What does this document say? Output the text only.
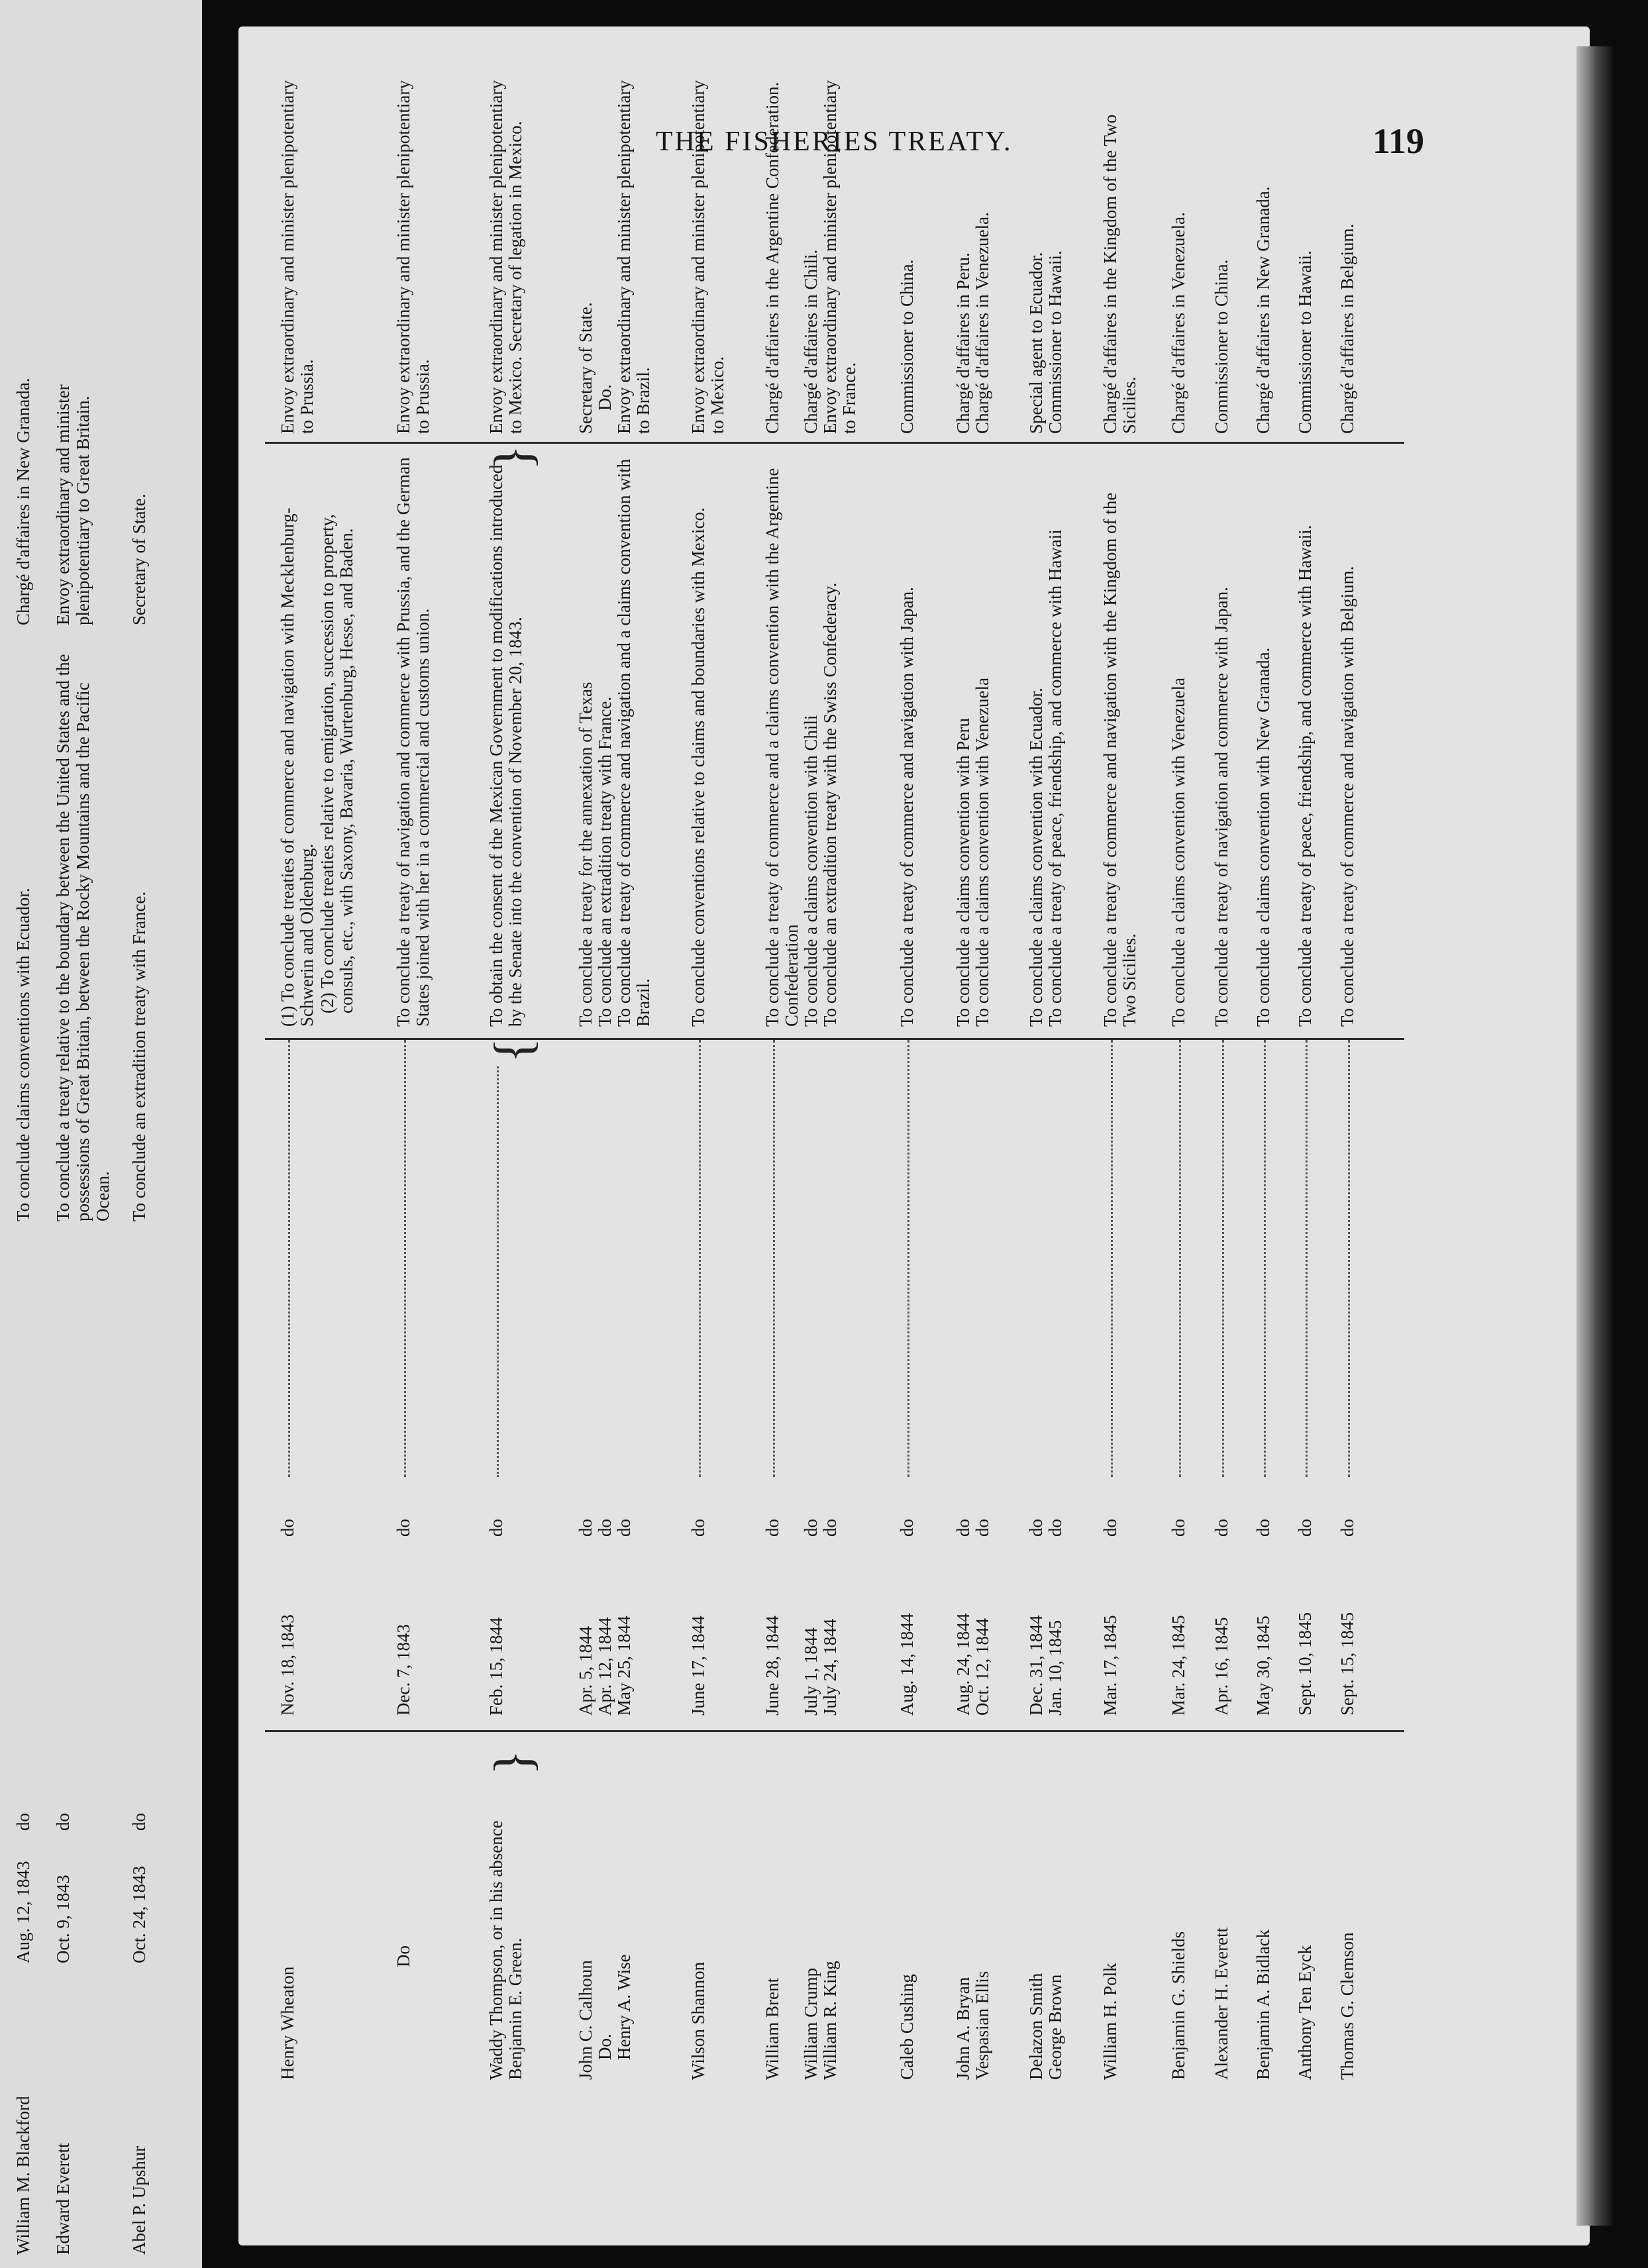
William M. Blackford
Aug. 12, 1843
do
To conclude claims conventions with Ecuador.
Chargé d'affaires in New Granada.
Edward Everett
Oct. 9, 1843
do
To conclude a treaty relative to the boundary between the United States and the possessions of Great Britain, between the Rocky Mountains and the Pacific Ocean.
Envoy extraordinary and minister plenipotentiary to Great Britain.
Abel P. Upshur
Oct. 24, 1843
do
To conclude an extradition treaty with France.
Secretary of State.
THE FISHERIES TREATY.	119
Henry Wheaton
Nov. 18, 1843
do
(1) To conclude treaties of commerce and navigation with Mecklenburg-Schwerin and Oldenburg.
Envoy extraordinary and minister plenipotentiary to Prussia.
(2) To conclude treaties relative to emigration, succession to property, consuls, etc., with Saxony, Bavaria, Wurtenburg, Hesse, and Baden.
Do
Dec. 7, 1843
do
To conclude a treaty of navigation and commerce with Prussia, and the German States joined with her in a commercial and customs union.
Envoy extraordinary and minister plenipotentiary to Prussia.
Waddy Thompson, or in his absence Benjamin E. Green.
Feb. 15, 1844
do
To obtain the consent of the Mexican Government to modifications introduced by the Senate into the convention of November 20, 1843.
Envoy extraordinary and minister plenipotentiary to Mexico. Secretary of legation in Mexico.
}
{
}
John C. Calhoun
Apr. 5, 1844
do
To conclude a treaty for the annexation of Texas
Secretary of State.
Do.
Apr. 12, 1844
do
To conclude an extradition treaty with France.
Do.
Henry A. Wise
May 25, 1844
do
To conclude a treaty of commerce and navigation and a claims convention with Brazil.
Envoy extraordinary and minister plenipotentiary to Brazil.
Wilson Shannon
June 17, 1844
do
To conclude conventions relative to claims and boundaries with Mexico.
Envoy extraordinary and minister plenipotentiary to Mexico.
William Brent
June 28, 1844
do
To conclude a treaty of commerce and a claims convention with the Argentine Confederation
Chargé d'affaires in the Argentine Confederation.
William Crump
July 1, 1844
do
To conclude a claims convention with Chili
Chargé d'affaires in Chili.
William R. King
July 24, 1844
do
To conclude an extradition treaty with the Swiss Confederacy.
Envoy extraordinary and minister plenipotentiary to France.
Caleb Cushing
Aug. 14, 1844
do
To conclude a treaty of commerce and navigation with Japan.
Commissioner to China.
John A. Bryan
Aug. 24, 1844
do
To conclude a claims convention with Peru
Chargé d'affaires in Peru.
Vespasian Ellis
Oct. 12, 1844
do
To conclude a claims convention with Venezuela
Chargé d'affaires in Venezuela.
Delazon Smith
Dec. 31, 1844
do
To conclude a claims convention with Ecuador.
Special agent to Ecuador.
George Brown
Jan. 10, 1845
do
To conclude a treaty of peace, friendship, and commerce with Hawaii
Commissioner to Hawaii.
William H. Polk
Mar. 17, 1845
do
To conclude a treaty of commerce and navigation with the Kingdom of the Two Sicilies.
Chargé d'affaires in the Kingdom of the Two Sicilies.
Benjamin G. Shields
Mar. 24, 1845
do
To conclude a claims convention with Venezuela
Chargé d'affaires in Venezuela.
Alexander H. Everett
Apr. 16, 1845
do
To conclude a treaty of navigation and commerce with Japan.
Commissioner to China.
Benjamin A. Bidlack
May 30, 1845
do
To conclude a claims convention with New Granada.
Chargé d'affaires in New Granada.
Anthony Ten Eyck
Sept. 10, 1845
do
To conclude a treaty of peace, friendship, and commerce with Hawaii.
Commissioner to Hawaii.
Thomas G. Clemson
Sept. 15, 1845
do
To conclude a treaty of commerce and navigation with Belgium.
Chargé d'affaires in Belgium.
